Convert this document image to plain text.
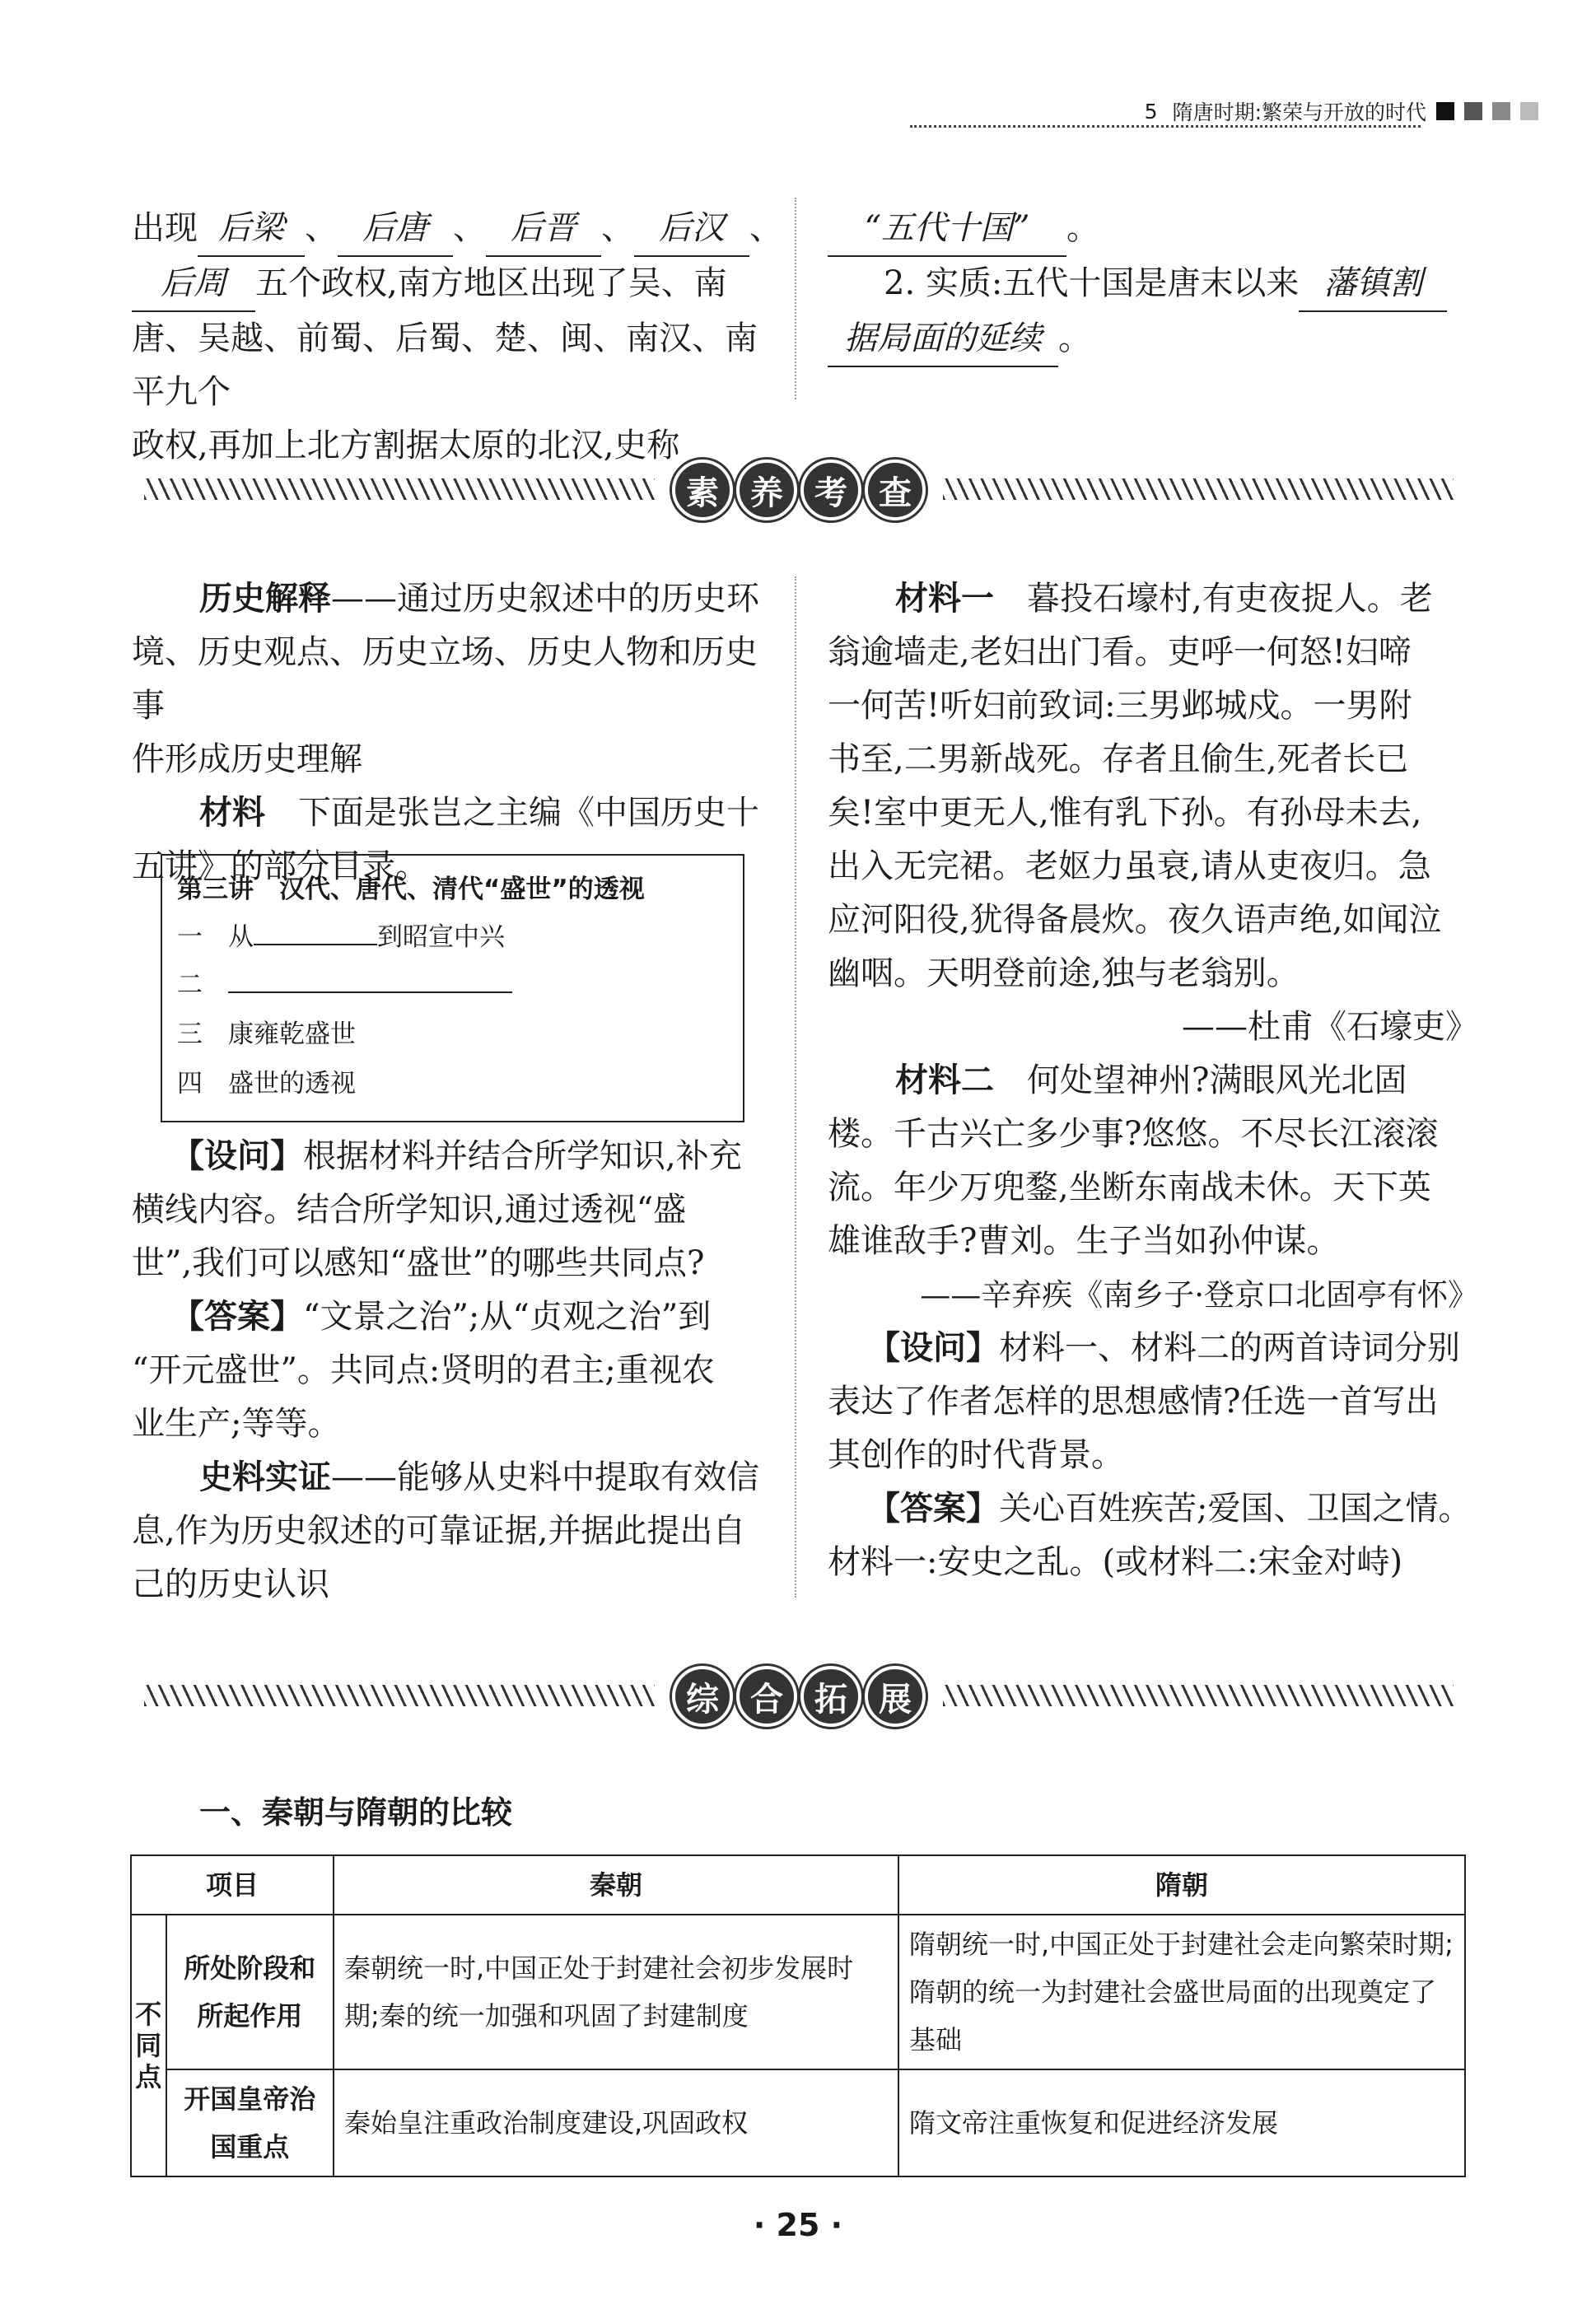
5 隋唐时期:繁荣与开放的时代
出现 后梁 、 后唐 、 后晋 、 后汉 、
后周 五个政权,南方地区出现了吴、南
唐、吴越、前蜀、后蜀、楚、闽、南汉、南平九个
政权,再加上北方割据太原的北汉,史称
“五代十国” 。
2. 实质:五代十国是唐末以来 藩镇割
据局面的延续 。
素 养 考 查
历史解释——通过历史叙述中的历史环
境、历史观点、历史立场、历史人物和历史事
件形成历史理解
材料　 下面是张岂之主编《中国历史十
五讲》的部分目录。
第三讲　汉代、唐代、清代“盛世”的透视
一　 从	到昭宣中兴
二　
三　 康雍乾盛世
四　 盛世的透视
【设问】根据材料并结合所学知识,补充
横线内容。结合所学知识,通过透视“盛
世”,我们可以感知“盛世”的哪些共同点?
【答案】“文景之治”;从“贞观之治”到
“开元盛世”。共同点:贤明的君主;重视农
业生产;等等。
史料实证——能够从史料中提取有效信
息,作为历史叙述的可靠证据,并据此提出自
己的历史认识
材料一　 暮投石壕村,有吏夜捉人。老
翁逾墙走,老妇出门看。吏呼一何怒!妇啼
一何苦!听妇前致词:三男邺城戍。一男附
书至,二男新战死。存者且偷生,死者长已
矣!室中更无人,惟有乳下孙。有孙母未去,
出入无完裙。老妪力虽衰,请从吏夜归。急
应河阳役,犹得备晨炊。夜久语声绝,如闻泣
幽咽。天明登前途,独与老翁别。
——杜甫《石壕吏》
材料二　 何处望神州?满眼风光北固
楼。千古兴亡多少事?悠悠。不尽长江滚滚
流。年少万兜鍪,坐断东南战未休。天下英
雄谁敌手?曹刘。生子当如孙仲谋。
——辛弃疾《南乡子·登京口北固亭有怀》
【设问】材料一、材料二的两首诗词分别
表达了作者怎样的思想感情?任选一首写出
其创作的时代背景。
【答案】关心百姓疾苦;爱国、卫国之情。
材料一:安史之乱。(或材料二:宋金对峙)
综 合 拓 展
一、秦朝与隋朝的比较
项目		秦朝	隋朝
不同点	所处阶段和所起作用	秦朝统一时,中国正处于封建社会初步发展时期;秦的统一加强和巩固了封建制度	隋朝统一时,中国正处于封建社会走向繁荣时期;隋朝的统一为封建社会盛世局面的出现奠定了基础
	开国皇帝治国重点	秦始皇注重政治制度建设,巩固政权	隋文帝注重恢复和促进经济发展
· 25 ·
